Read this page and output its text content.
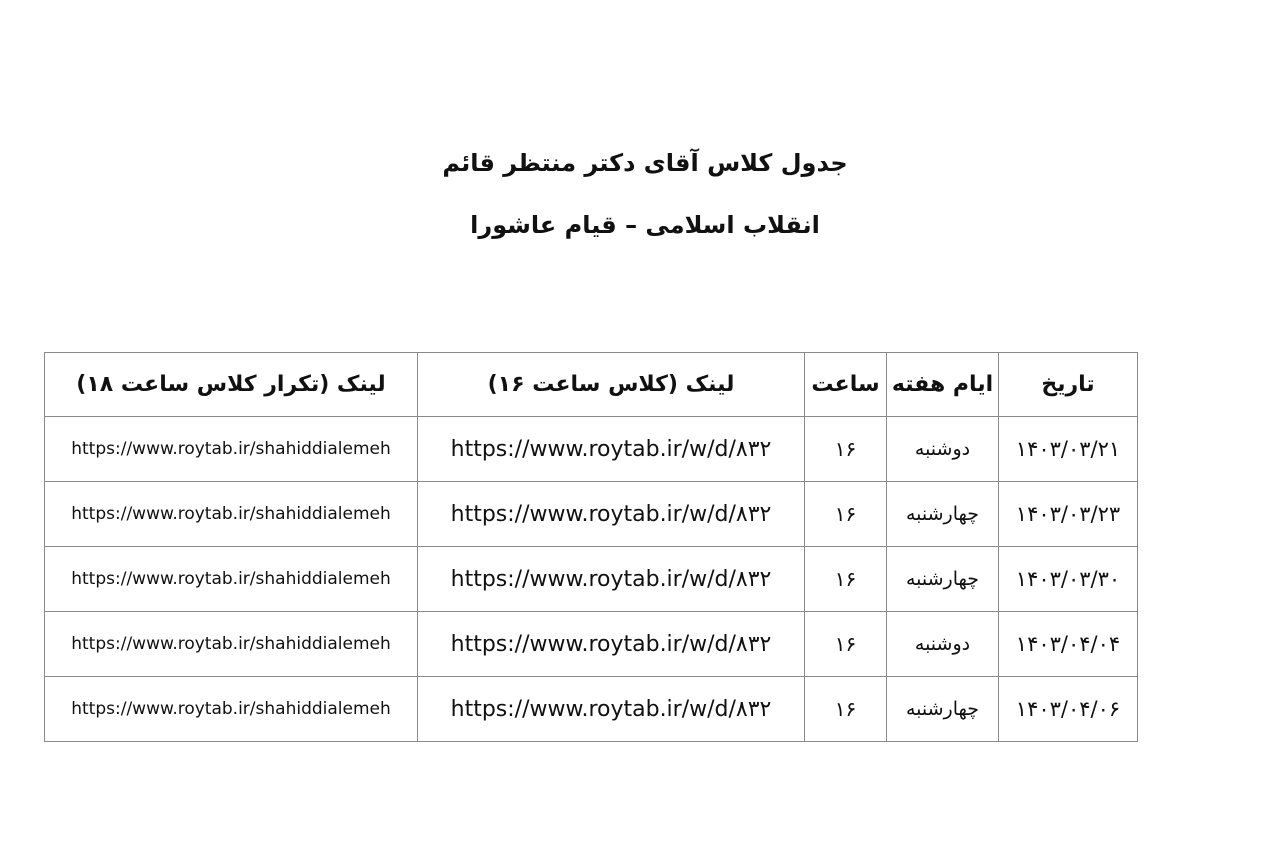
جدول کلاس آقای دکتر منتظر قائم
انقلاب اسلامی – قیام عاشورا
لینک (تکرار کلاس ساعت ۱۸)	لینک (کلاس ساعت ۱۶)	ساعت	ایام هفته	تاریخ
https://www.roytab.ir/shahiddialemeh	https://www.roytab.ir/w/d/۸۳۲	۱۶	دوشنبه	۱۴۰۳/۰۳/۲۱
https://www.roytab.ir/shahiddialemeh	https://www.roytab.ir/w/d/۸۳۲	۱۶	چهارشنبه	۱۴۰۳/۰۳/۲۳
https://www.roytab.ir/shahiddialemeh	https://www.roytab.ir/w/d/۸۳۲	۱۶	چهارشنبه	۱۴۰۳/۰۳/۳۰
https://www.roytab.ir/shahiddialemeh	https://www.roytab.ir/w/d/۸۳۲	۱۶	دوشنبه	۱۴۰۳/۰۴/۰۴
https://www.roytab.ir/shahiddialemeh	https://www.roytab.ir/w/d/۸۳۲	۱۶	چهارشنبه	۱۴۰۳/۰۴/۰۶
